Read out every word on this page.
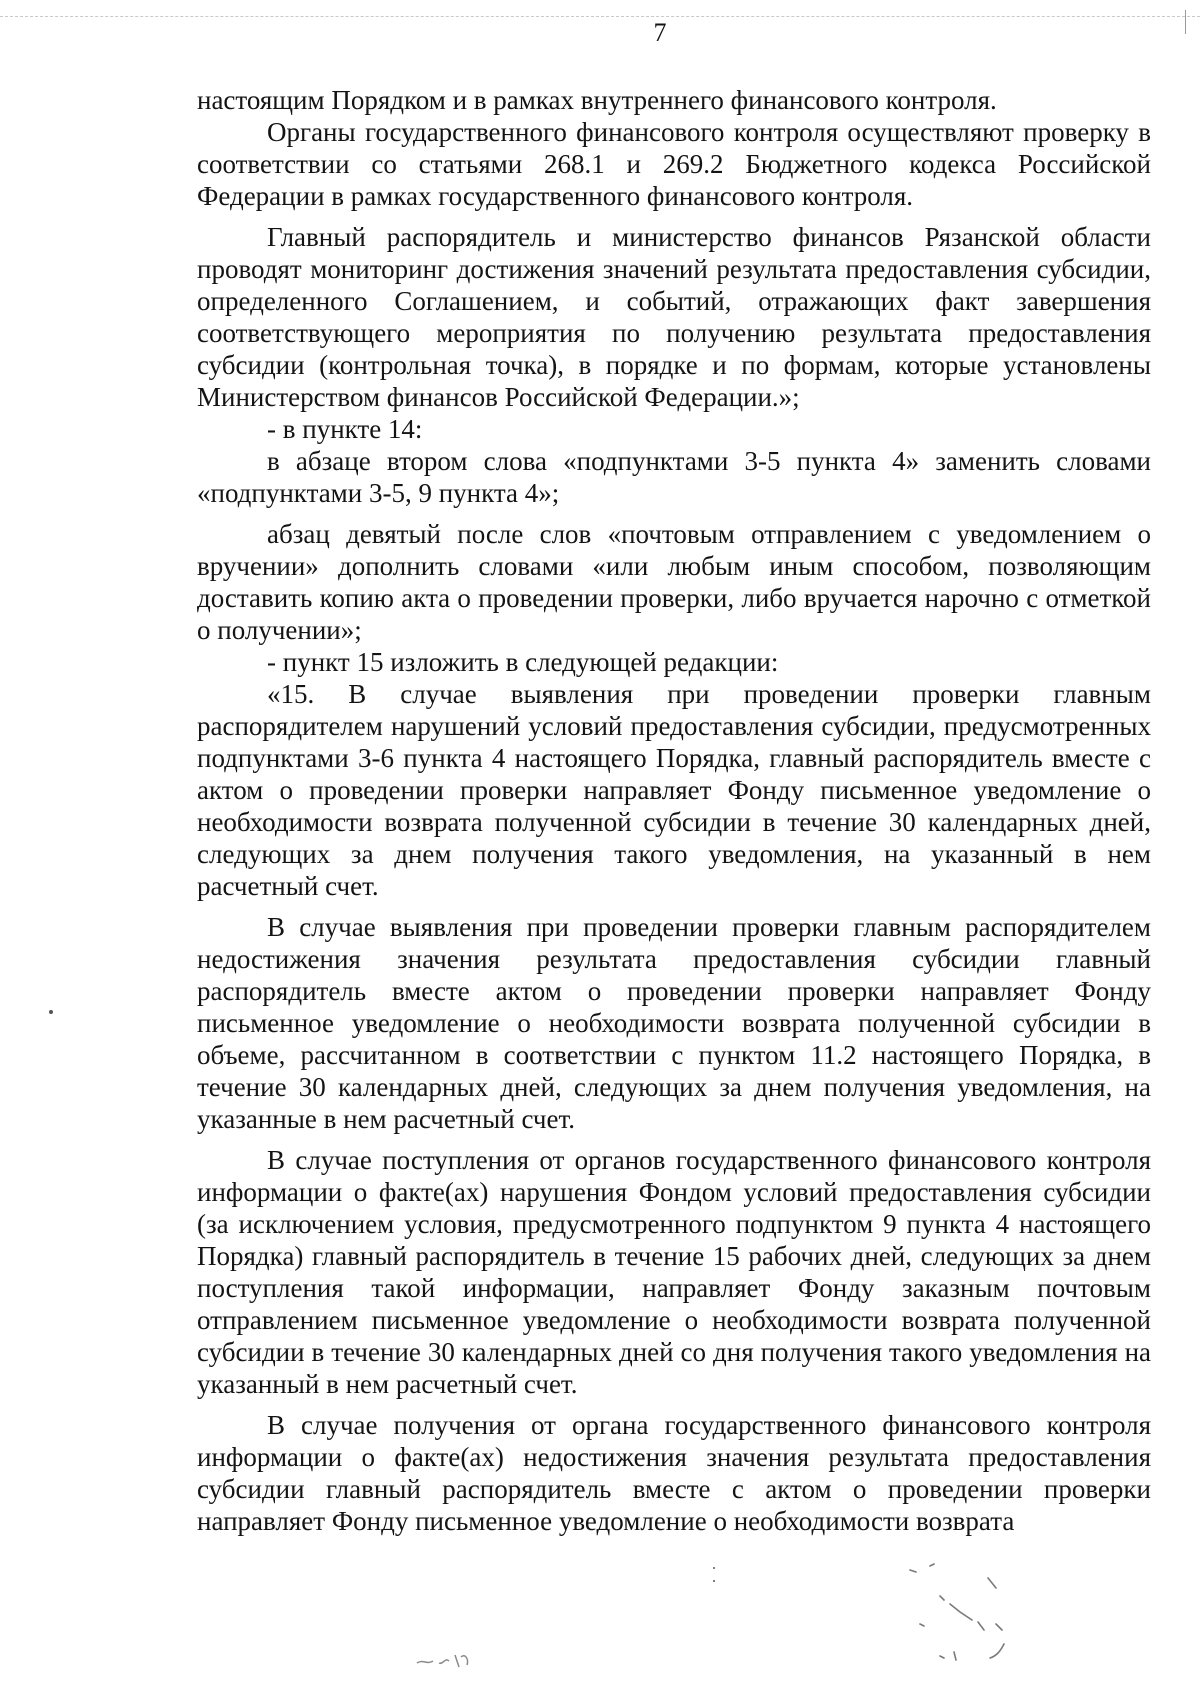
7

настоящим Порядком и в рамках внутреннего финансового контроля.

Органы государственного финансового контроля осуществляют проверку в соответствии со статьями 268.1 и 269.2 Бюджетного кодекса Российской Федерации в рамках государственного финансового контроля.

Главный распорядитель и министерство финансов Рязанской области проводят мониторинг достижения значений результата предоставления субсидии, определенного Соглашением, и событий, отражающих факт завершения соответствующего мероприятия по получению результата предоставления субсидии (контрольная точка), в порядке и по формам, которые установлены Министерством финансов Российской Федерации.»;

- в пункте 14:

в абзаце втором слова «подпунктами 3-5 пункта 4» заменить словами «подпунктами 3-5, 9 пункта 4»;

абзац девятый после слов «почтовым отправлением с уведомлением о вручении» дополнить словами «или любым иным способом, позволяющим доставить копию акта о проведении проверки, либо вручается нарочно с отметкой о получении»;

- пункт 15 изложить в следующей редакции:

«15. В случае выявления при проведении проверки главным распорядителем нарушений условий предоставления субсидии, предусмотренных подпунктами 3-6 пункта 4 настоящего Порядка, главный распорядитель вместе с актом о проведении проверки направляет Фонду письменное уведомление о необходимости возврата полученной субсидии в течение 30 календарных дней, следующих за днем получения такого уведомления, на указанный в нем расчетный счет.

В случае выявления при проведении проверки главным распорядителем недостижения значения результата предоставления субсидии главный распорядитель вместе актом о проведении проверки направляет Фонду письменное уведомление о необходимости возврата полученной субсидии в объеме, рассчитанном в соответствии с пунктом 11.2 настоящего Порядка, в течение 30 календарных дней, следующих за днем получения уведомления, на указанные в нем расчетный счет.

В случае поступления от органов государственного финансового контроля информации о факте(ах) нарушения Фондом условий предоставления субсидии (за исключением условия, предусмотренного подпунктом 9 пункта 4 настоящего Порядка) главный распорядитель в течение 15 рабочих дней, следующих за днем поступления такой информации, направляет Фонду заказным почтовым отправлением письменное уведомление о необходимости возврата полученной субсидии в течение 30 календарных дней со дня получения такого уведомления на указанный в нем расчетный счет.

В случае получения от органа государственного финансового контроля информации о факте(ах) недостижения значения результата предоставления субсидии главный распорядитель вместе с актом о проведении проверки направляет Фонду письменное уведомление о необходимости возврата
